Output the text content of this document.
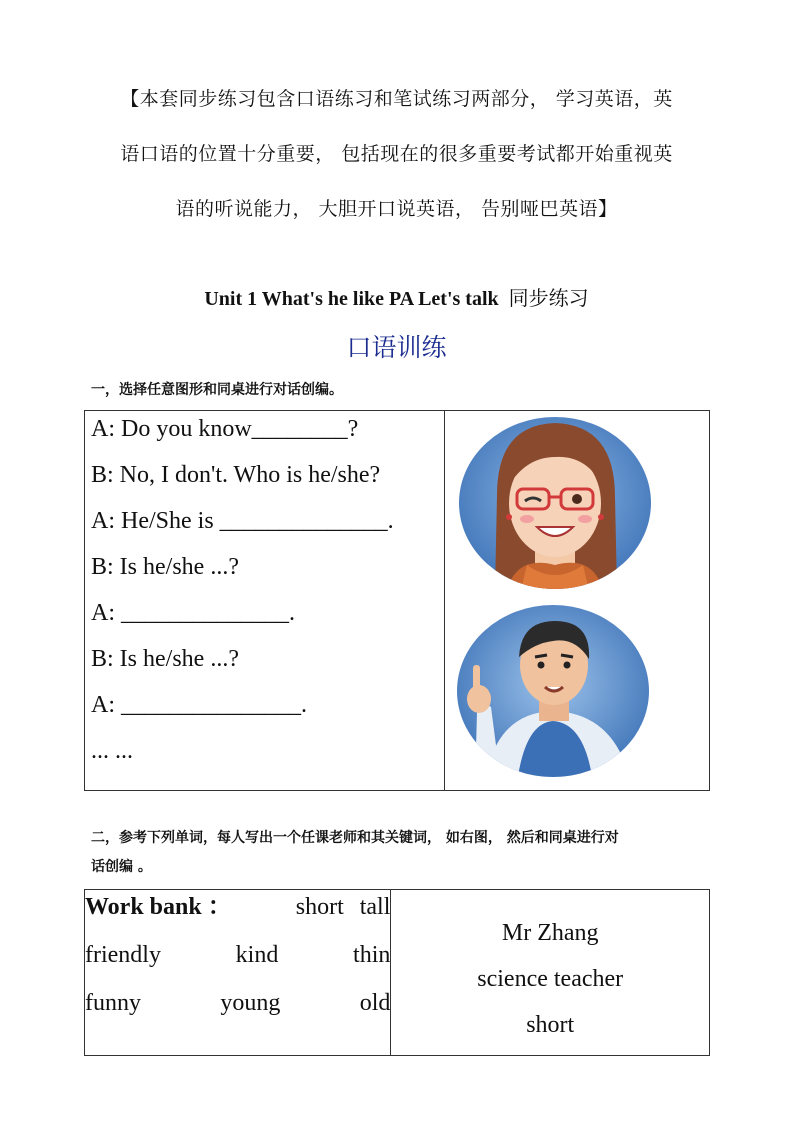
【本套同步练习包含口语练习和笔试练习两部分， 学习英语，英
语口语的位置十分重要， 包括现在的很多重要考试都开始重视英
语的听说能力， 大胆开口说英语， 告别哑巴英语】
Unit 1 What's he like PA Let's talk 同步练习
口语训练
一，选择任意图形和同桌进行对话创编。
A: Do you know________?
B: No, I don't. Who is he/she?
A: He/She is ______________.
B: Is he/she ...?
A: ______________.
B: Is he/she ...?
A: _______________.
... ...

二，参考下列单词，每人写出一个任课老师和其关键词， 如右图， 然后和同桌进行对
话创编 。
Work bank ：	short tall
friendly	kind	thin
funny	young	old

Mr Zhang
science teacher
short
